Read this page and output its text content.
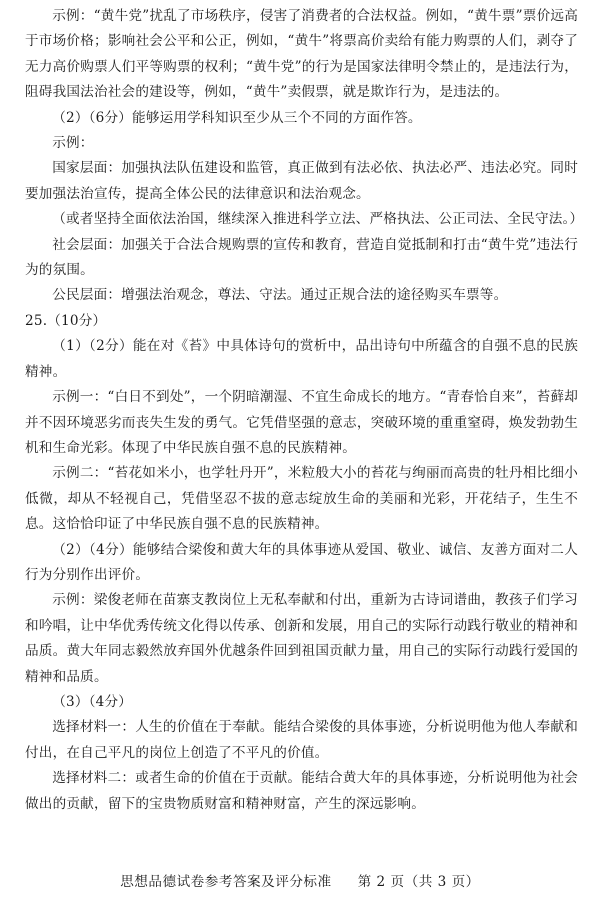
示例：“黄牛党”扰乱了市场秩序，侵害了消费者的合法权益。例如，“黄牛票”票价远高于市场价格；影响社会公平和公正，例如，“黄牛”将票高价卖给有能力购票的人们，剥夺了无力高价购票人们平等购票的权利；“黄牛党”的行为是国家法律明令禁止的，是违法行为，阻碍我国法治社会的建设等，例如，“黄牛”卖假票，就是欺诈行为，是违法的。

（2）（6分）能够运用学科知识至少从三个不同的方面作答。

示例：

国家层面：加强执法队伍建设和监管，真正做到有法必依、执法必严、违法必究。同时要加强法治宣传，提高全体公民的法律意识和法治观念。

（或者坚持全面依法治国，继续深入推进科学立法、严格执法、公正司法、全民守法。）

社会层面：加强关于合法合规购票的宣传和教育，营造自觉抵制和打击“黄牛党”违法行为的氛围。

公民层面：增强法治观念，尊法、守法。通过正规合法的途径购买车票等。

25.（10分）

（1）（2分）能在对《苔》中具体诗句的赏析中，品出诗句中所蕴含的自强不息的民族精神。

示例一：“白日不到处”，一个阴暗潮湿、不宜生命成长的地方。“青春恰自来”，苔藓却并不因环境恶劣而丧失生发的勇气。它凭借坚强的意志，突破环境的重重窒碍，焕发勃勃生机和生命光彩。体现了中华民族自强不息的民族精神。

示例二：“苔花如米小，也学牡丹开”，米粒般大小的苔花与绚丽而高贵的牡丹相比细小低微，却从不轻视自己，凭借坚忍不拔的意志绽放生命的美丽和光彩，开花结子，生生不息。这恰恰印证了中华民族自强不息的民族精神。

（2）（4分）能够结合梁俊和黄大年的具体事迹从爱国、敬业、诚信、友善方面对二人行为分别作出评价。

示例：梁俊老师在苗寨支教岗位上无私奉献和付出，重新为古诗词谱曲，教孩子们学习和吟唱，让中华优秀传统文化得以传承、创新和发展，用自己的实际行动践行敬业的精神和品质。黄大年同志毅然放弃国外优越条件回到祖国贡献力量，用自己的实际行动践行爱国的精神和品质。

（3）（4分）

选择材料一：人生的价值在于奉献。能结合梁俊的具体事迹，分析说明他为他人奉献和付出，在自己平凡的岗位上创造了不平凡的价值。

选择材料二：或者生命的价值在于贡献。能结合黄大年的具体事迹，分析说明他为社会做出的贡献，留下的宝贵物质财富和精神财富，产生的深远影响。

思想品德试卷参考答案及评分标准 第 2 页（共 3 页）
